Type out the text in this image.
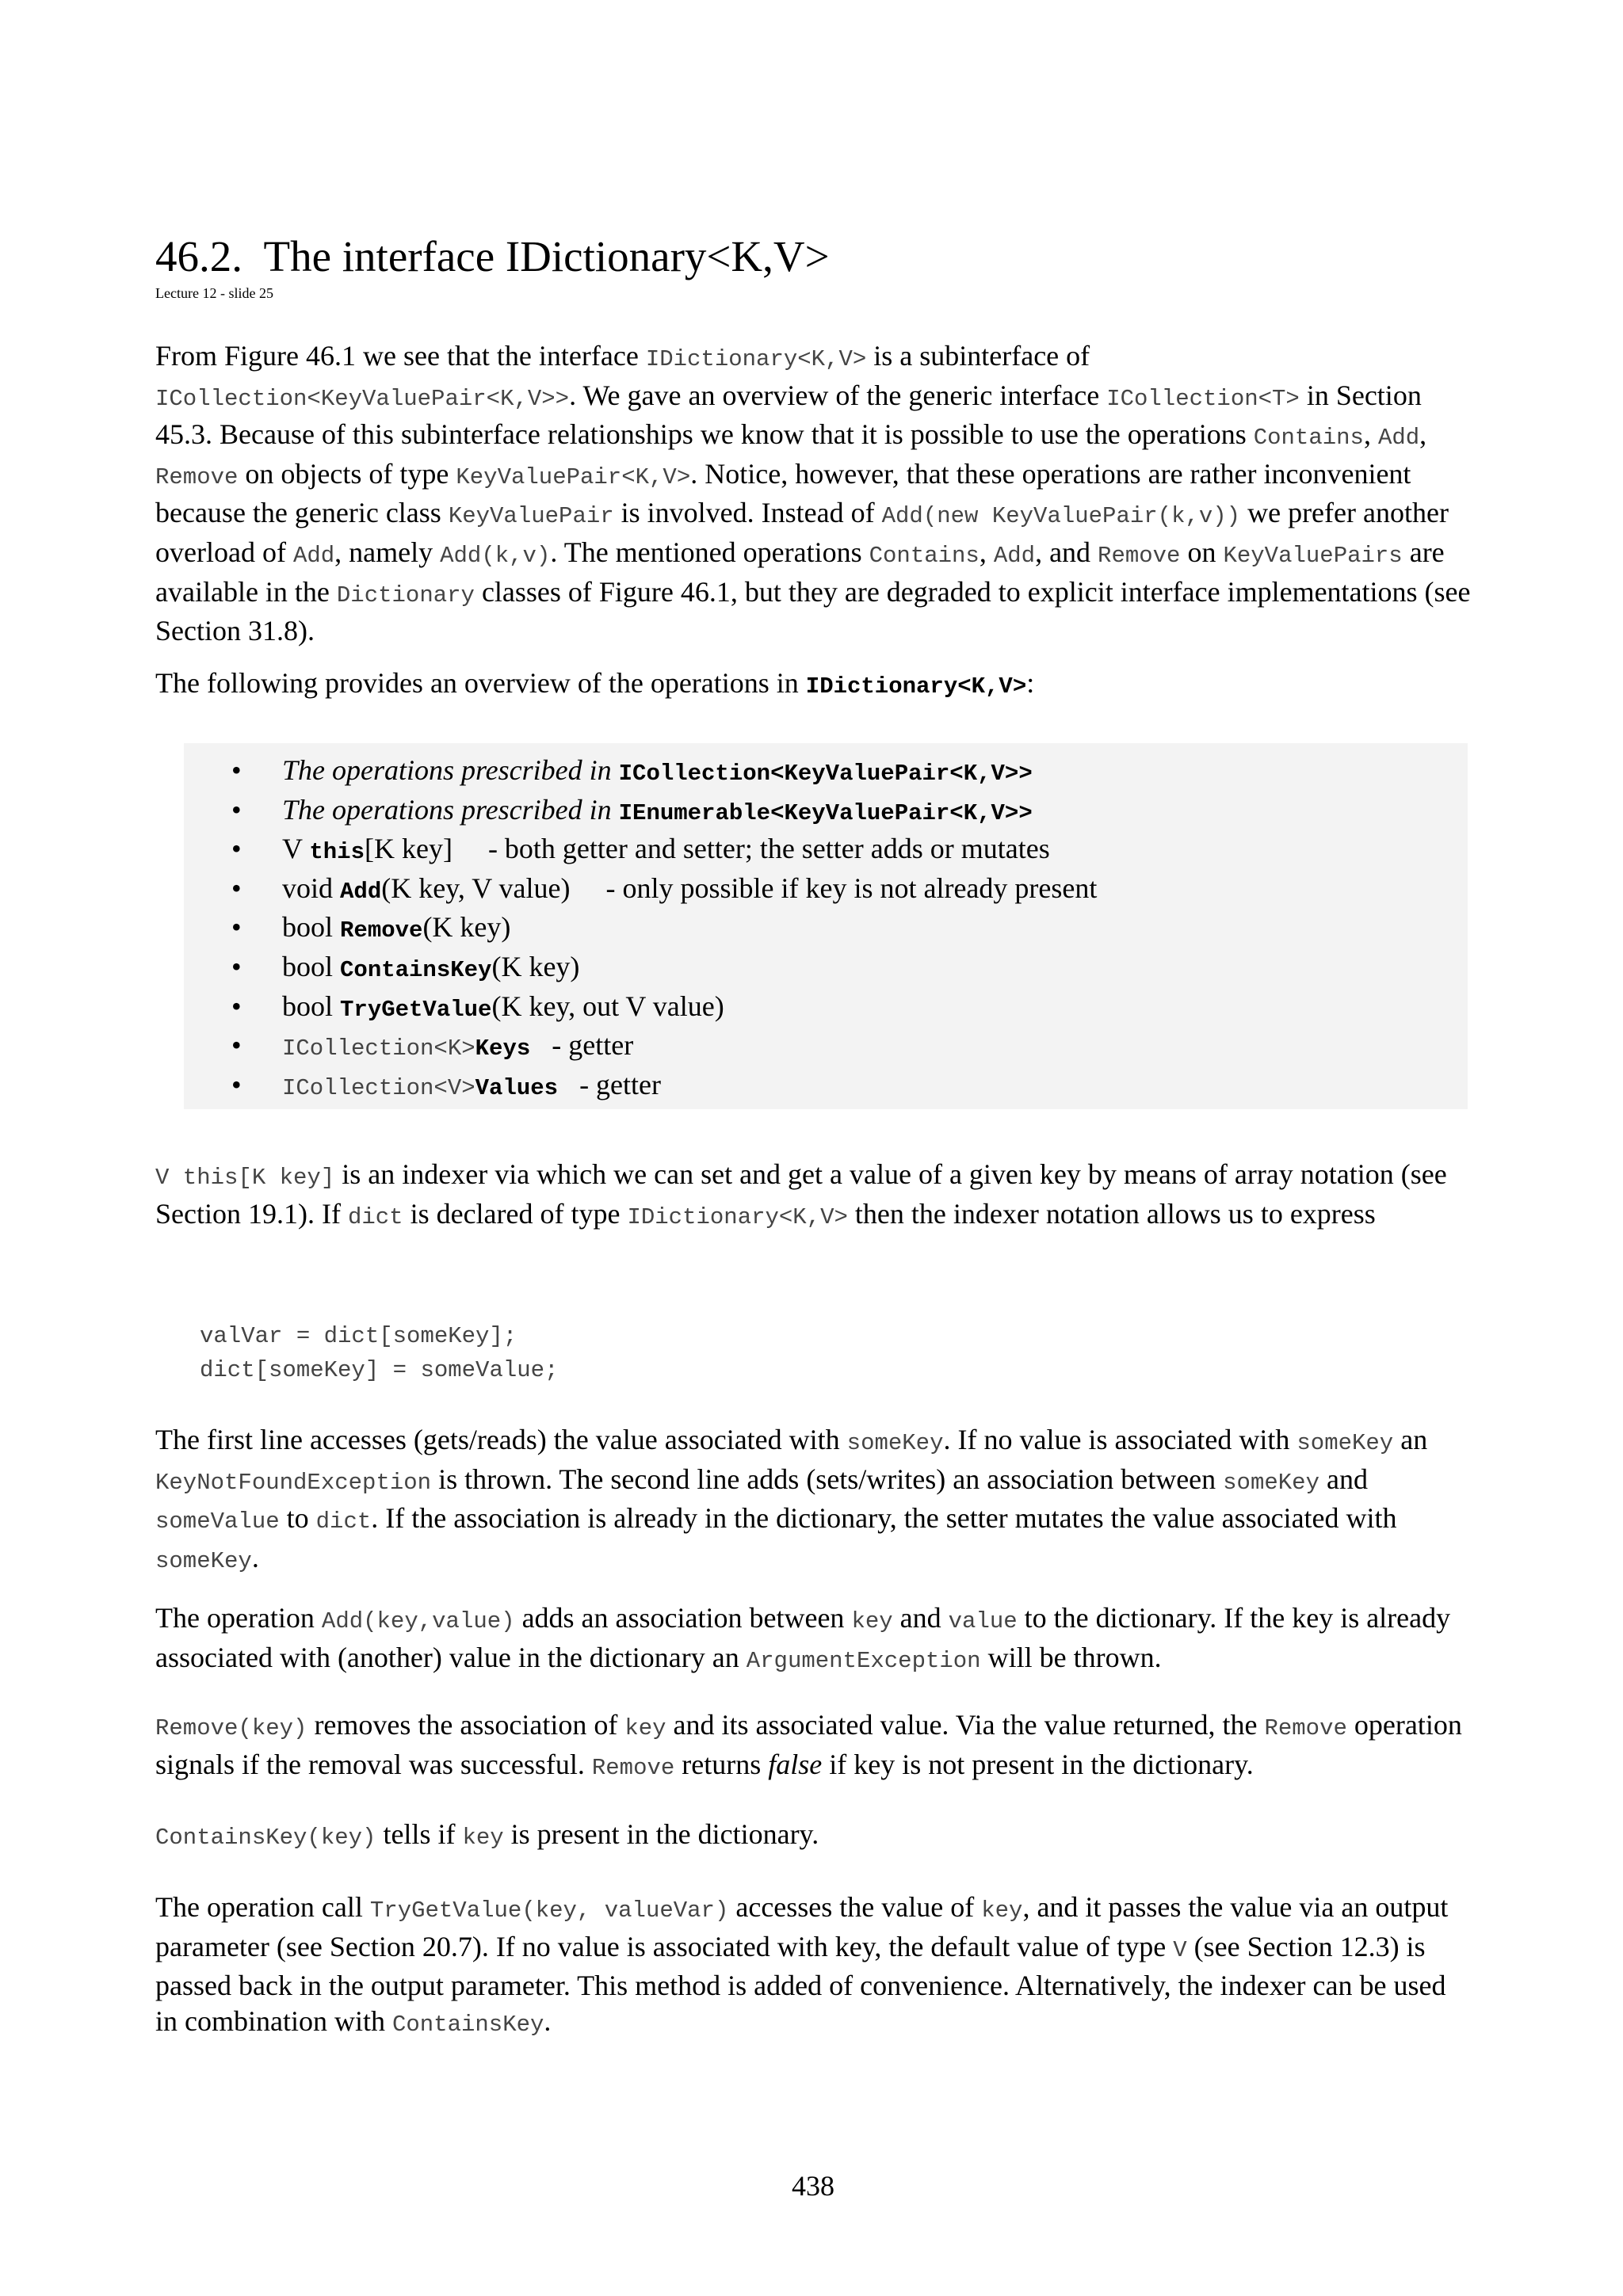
46.2. The interface IDictionary<K,V>
Lecture 12 - slide 25

From Figure 46.1 we see that the interface IDictionary<K,V> is a subinterface of ICollection<KeyValuePair<K,V>>. We gave an overview of the generic interface ICollection<T> in Section 45.3. Because of this subinterface relationships we know that it is possible to use the operations Contains, Add, Remove on objects of type KeyValuePair<K,V>. Notice, however, that these operations are rather inconvenient because the generic class KeyValuePair is involved. Instead of Add(new KeyValuePair(k,v)) we prefer another overload of Add, namely Add(k,v). The mentioned operations Contains, Add, and Remove on KeyValuePairs are available in the Dictionary classes of Figure 46.1, but they are degraded to explicit interface implementations (see Section 31.8).

The following provides an overview of the operations in IDictionary<K,V>:

• The operations prescribed in ICollection<KeyValuePair<K,V>>
• The operations prescribed in IEnumerable<KeyValuePair<K,V>>
• V this[K key]     - both getter and setter; the setter adds or mutates
• void Add(K key, V value)     - only possible if key is not already present
• bool Remove(K key)
• bool ContainsKey(K key)
• bool TryGetValue(K key, out V value)
• ICollection<K>Keys   - getter
• ICollection<V>Values   - getter

V this[K key] is an indexer via which we can set and get a value of a given key by means of array notation (see Section 19.1). If dict is declared of type IDictionary<K,V> then the indexer notation allows us to express

valVar = dict[someKey];
dict[someKey] = someValue;

The first line accesses (gets/reads) the value associated with someKey. If no value is associated with someKey an KeyNotFoundException is thrown. The second line adds (sets/writes) an association between someKey and someValue to dict. If the association is already in the dictionary, the setter mutates the value associated with someKey.

The operation Add(key,value) adds an association between key and value to the dictionary. If the key is already associated with (another) value in the dictionary an ArgumentException will be thrown.

Remove(key) removes the association of key and its associated value. Via the value returned, the Remove operation signals if the removal was successful. Remove returns false if key is not present in the dictionary.

ContainsKey(key) tells if key is present in the dictionary.

The operation call TryGetValue(key, valueVar) accesses the value of key, and it passes the value via an output parameter (see Section 20.7). If no value is associated with key, the default value of type V (see Section 12.3) is passed back in the output parameter. This method is added of convenience. Alternatively, the indexer can be used in combination with ContainsKey.

438
